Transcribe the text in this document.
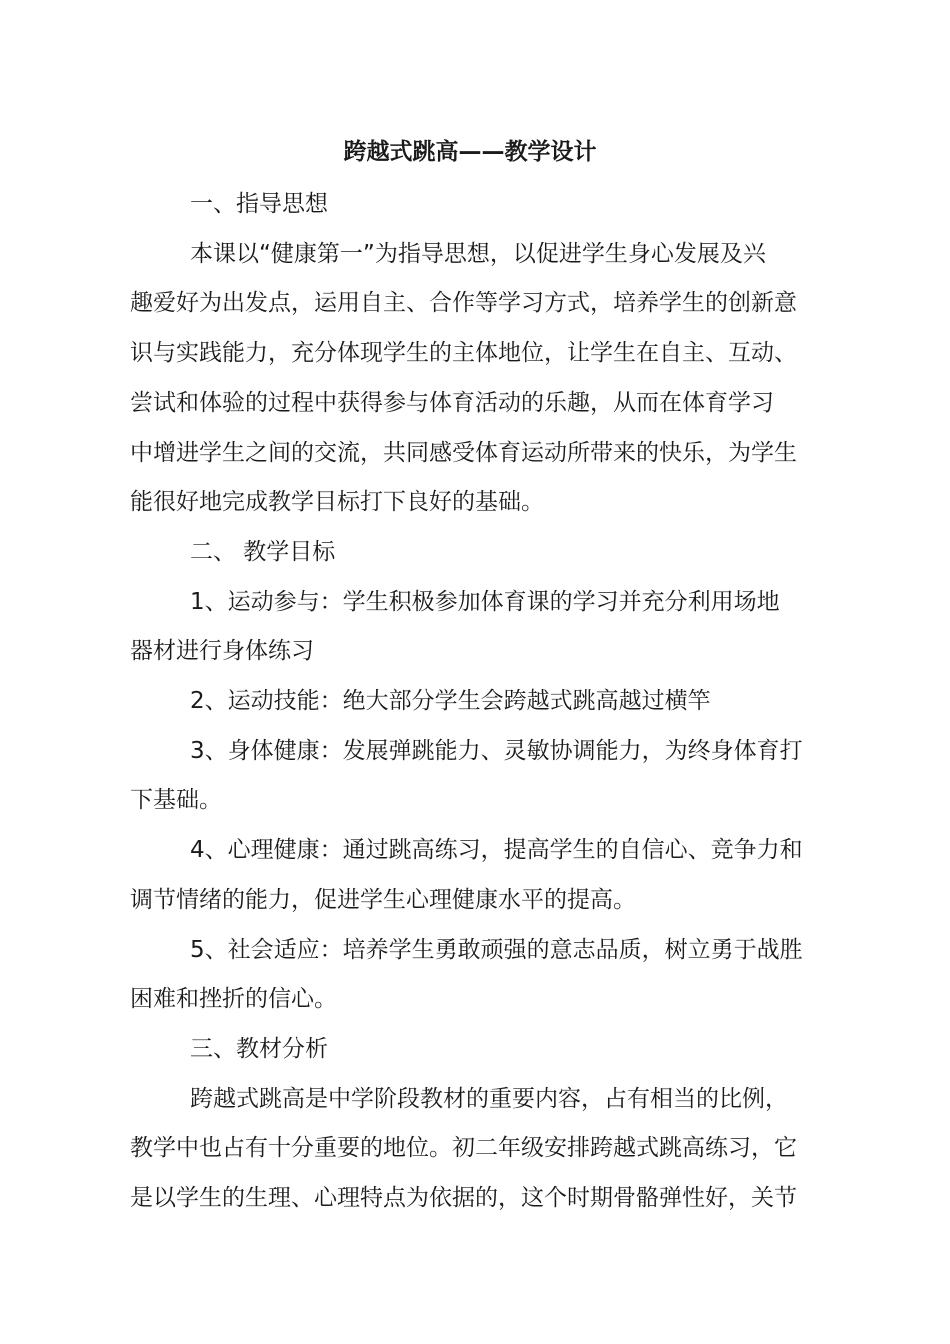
跨越式跳高——教学设计

一、指导思想

本课以“健康第一”为指导思想，以促进学生身心发展及兴

趣爱好为出发点，运用自主、合作等学习方式，培养学生的创新意

识与实践能力，充分体现学生的主体地位，让学生在自主、互动、

尝试和体验的过程中获得参与体育活动的乐趣，从而在体育学习

中增进学生之间的交流，共同感受体育运动所带来的快乐，为学生

能很好地完成教学目标打下良好的基础。

二、 教学目标

1、运动参与：学生积极参加体育课的学习并充分利用场地

器材进行身体练习

2、运动技能：绝大部分学生会跨越式跳高越过横竿

3、身体健康：发展弹跳能力、灵敏协调能力，为终身体育打

下基础。

4、心理健康：通过跳高练习，提高学生的自信心、竞争力和

调节情绪的能力，促进学生心理健康水平的提高。

5、社会适应：培养学生勇敢顽强的意志品质，树立勇于战胜

困难和挫折的信心。

三、教材分析

跨越式跳高是中学阶段教材的重要内容，占有相当的比例，

教学中也占有十分重要的地位。初二年级安排跨越式跳高练习，它

是以学生的生理、心理特点为依据的，这个时期骨骼弹性好，关节
